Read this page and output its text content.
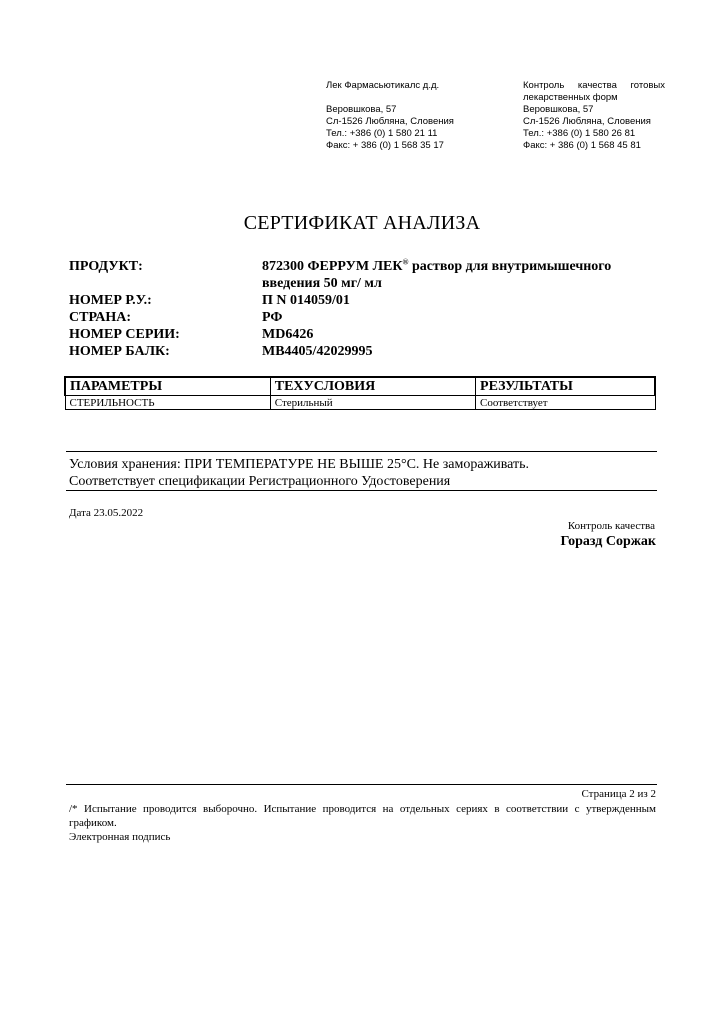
Лек Фармасьютикалс д.д.
Веровшкова, 57
Сл-1526 Любляна, Словения
Тел.: +386 (0) 1 580 21 11
Факс: + 386 (0) 1 568 35 17
Контроль качества готовых
лекарственных форм
Веровшкова, 57
Сл-1526 Любляна, Словения
Тел.: +386 (0) 1 580 26 81
Факс: + 386 (0) 1 568 45 81
СЕРТИФИКАТ АНАЛИЗА
ПРОДУКТ:	872300 ФЕРРУМ ЛЕК® раствор для внутримышечного
введения 50 мг/ мл
НОМЕР Р.У.:	П N 014059/01
СТРАНА:	РФ
НОМЕР СЕРИИ:	MD6426
НОМЕР БАЛК:	MB4405/42029995
ПАРАМЕТРЫ	ТЕХУСЛОВИЯ	РЕЗУЛЬТАТЫ
СТЕРИЛЬНОСТЬ	Стерильный	Соответствует
Условия хранения: ПРИ ТЕМПЕРАТУРЕ НЕ ВЫШЕ 25°С. Не замораживать.
Соответствует спецификации Регистрационного Удостоверения
Дата 23.05.2022
Контроль качества
Горазд Соржак
Страница 2 из 2
/* Испытание проводится выборочно. Испытание проводится на отдельных сериях в соответствии с утвержденным графиком.
Электронная подпись
